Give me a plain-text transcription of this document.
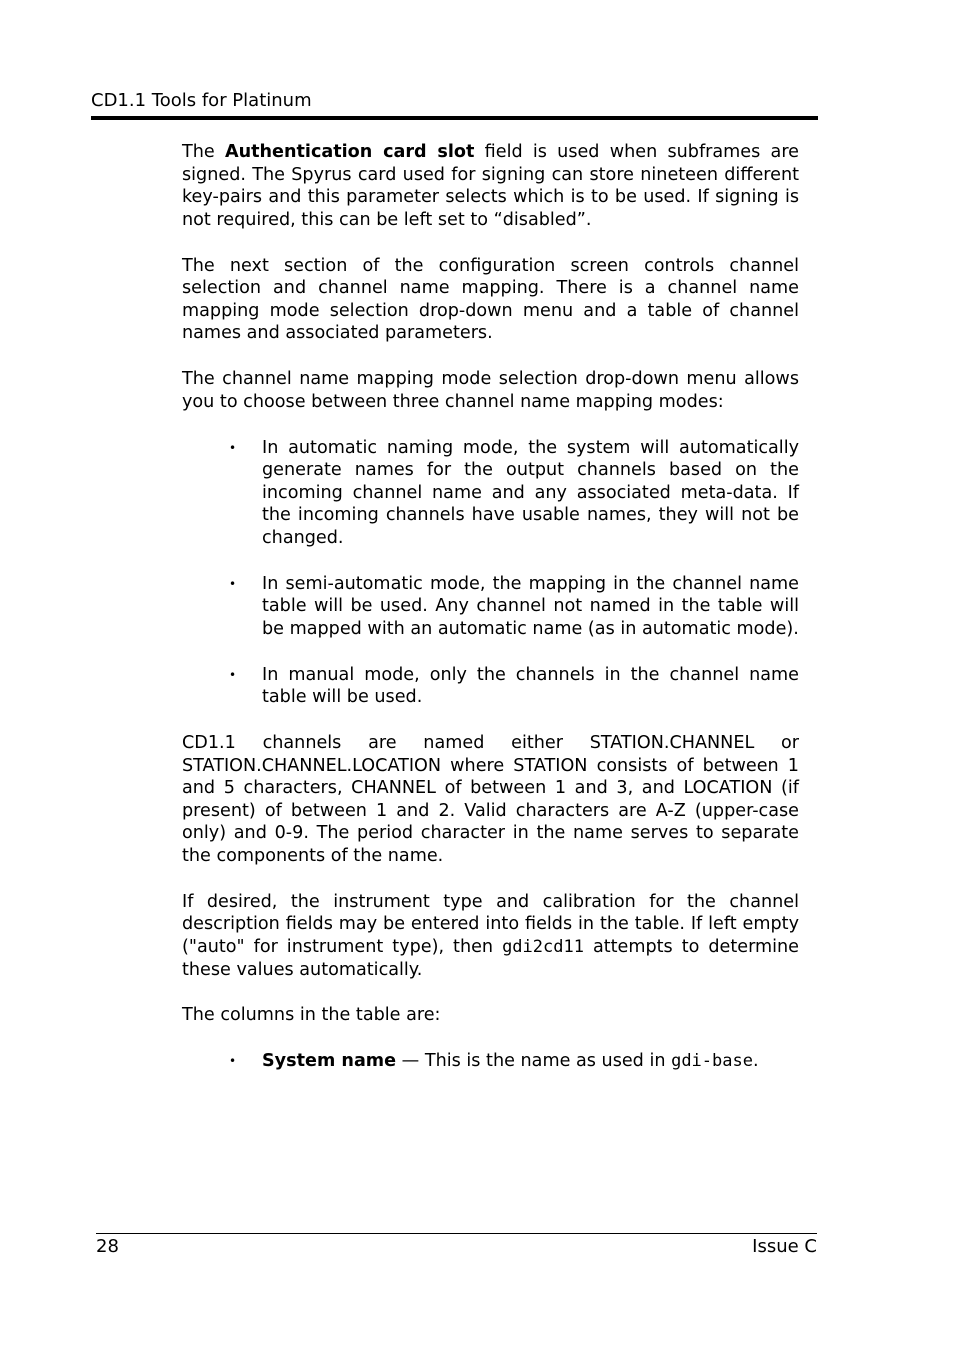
CD1.1 Tools for Platinum

The Authentication card slot field is used when subframes are signed. The Spyrus card used for signing can store nineteen different key-pairs and this parameter selects which is to be used. If signing is not required, this can be left set to “disabled”.

The next section of the configuration screen controls channel selection and channel name mapping. There is a channel name mapping mode selection drop-down menu and a table of channel names and associated parameters.

The channel name mapping mode selection drop-down menu allows you to choose between three channel name mapping modes:

• In automatic naming mode, the system will automatically generate names for the output channels based on the incoming channel name and any associated meta-data. If the incoming channels have usable names, they will not be changed.
• In semi-automatic mode, the mapping in the channel name table will be used. Any channel not named in the table will be mapped with an automatic name (as in automatic mode).
• In manual mode, only the channels in the channel name table will be used.

CD1.1 channels are named either STATION.CHANNEL or STATION.CHANNEL.LOCATION where STATION consists of between 1 and 5 characters, CHANNEL of between 1 and 3, and LOCATION (if present) of between 1 and 2. Valid characters are A-Z (upper-case only) and 0-9. The period character in the name serves to separate the components of the name.

If desired, the instrument type and calibration for the channel description fields may be entered into fields in the table. If left empty ("auto" for instrument type), then gdi2cd11 attempts to determine these values automatically.

The columns in the table are:

• System name — This is the name as used in gdi-base.
28	Issue C
